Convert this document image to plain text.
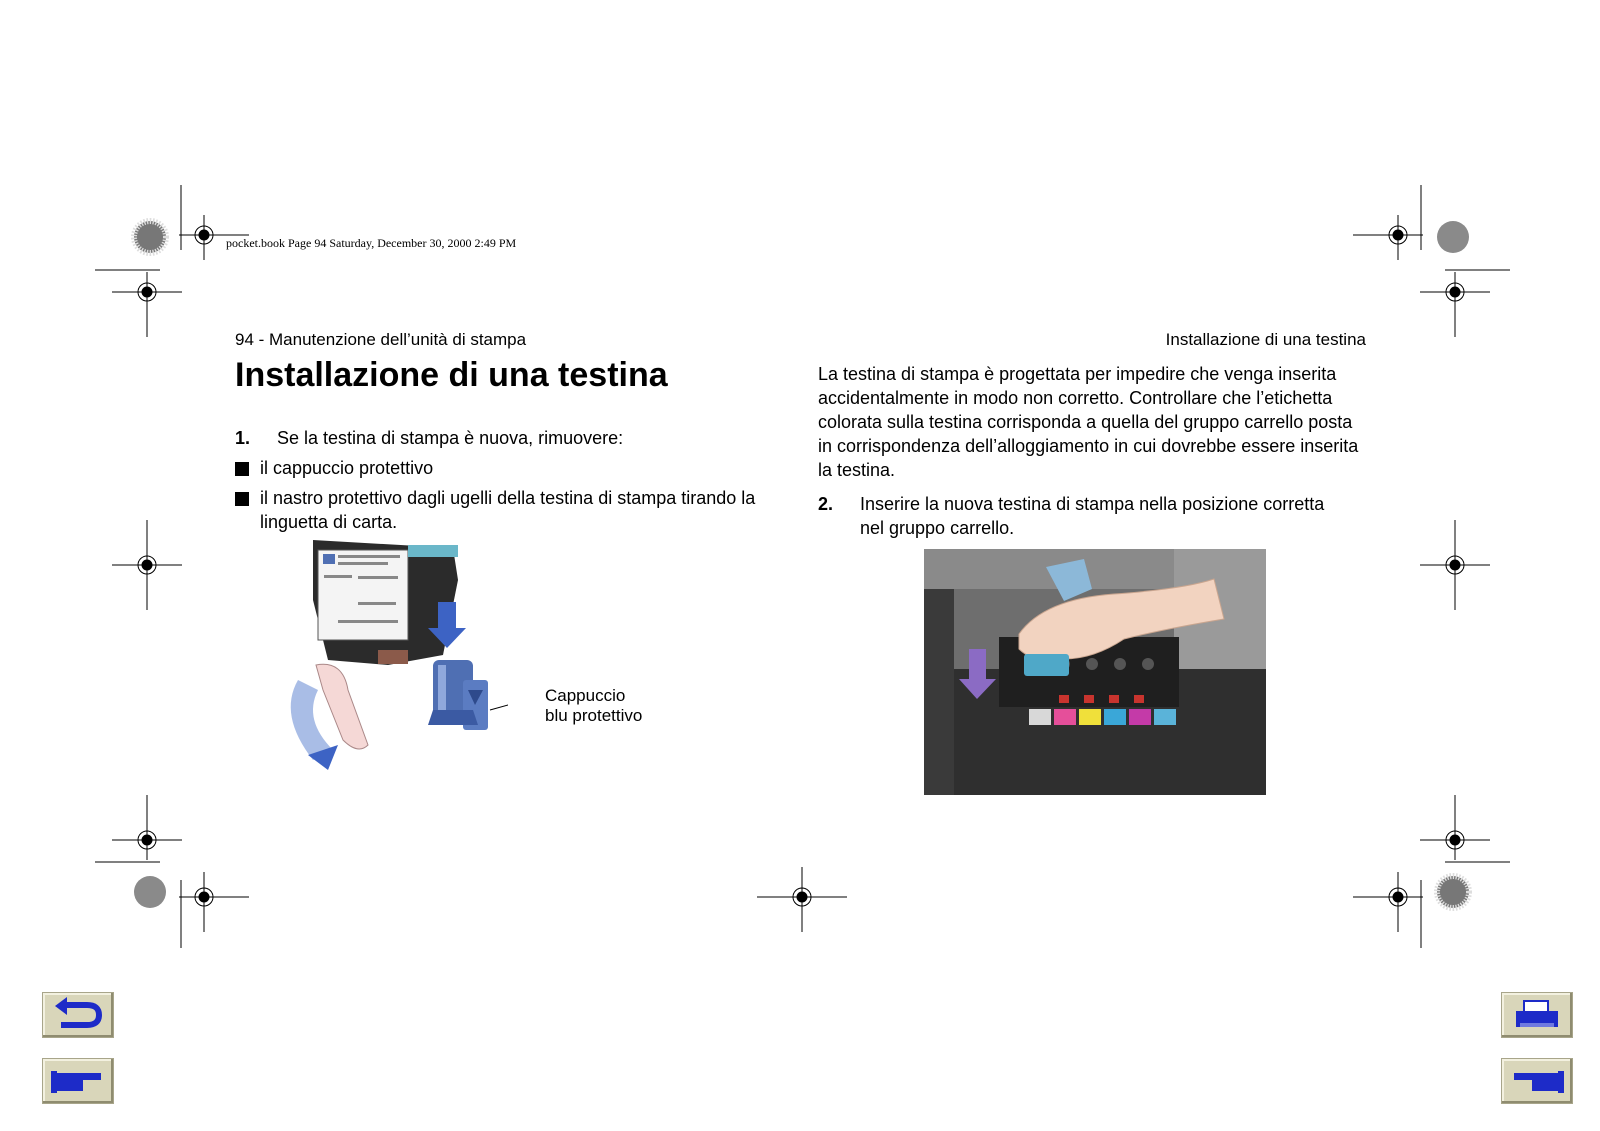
pocket.book Page 94 Saturday, December 30, 2000 2:49 PM
94 - Manutenzione dell’unità di stampa	Installazione di una testina
Installazione di una testina
1. Se la testina di stampa è nuova, rimuovere:
il cappuccio protettivo
il nastro protettivo dagli ugelli della testina di stampa tirando la linguetta di carta.
Cappuccio
blu protettivo
La testina di stampa è progettata per impedire che venga inserita accidentalmente in modo non corretto. Controllare che l’etichetta colorata sulla testina corrisponda a quella del gruppo carrello posta in corrispondenza dell’alloggiamento in cui dovrebbe essere inserita la testina.
2. Inserire la nuova testina di stampa nella posizione corretta nel gruppo carrello.
